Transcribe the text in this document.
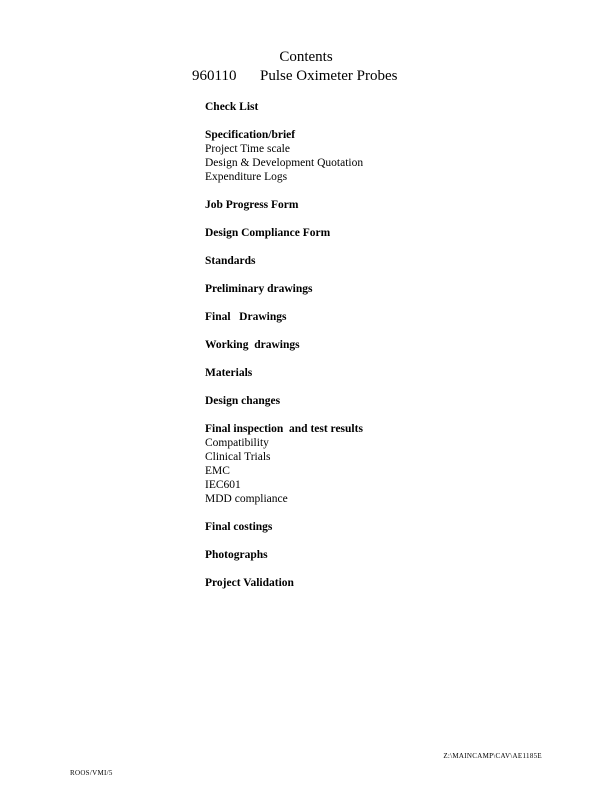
Contents
960110 Pulse Oximeter Probes
Check List
Specification/brief
Project Time scale
Design & Development Quotation
Expenditure Logs
Job Progress Form
Design Compliance Form
Standards
Preliminary drawings
Final   Drawings
Working  drawings
Materials
Design changes
Final inspection  and test results
Compatibility
Clinical Trials
EMC
IEC601
MDD compliance
Final costings
Photographs
Project Validation
Z:\MAINCAMP\CAV\AE1185E
ROOS/VMI/5
